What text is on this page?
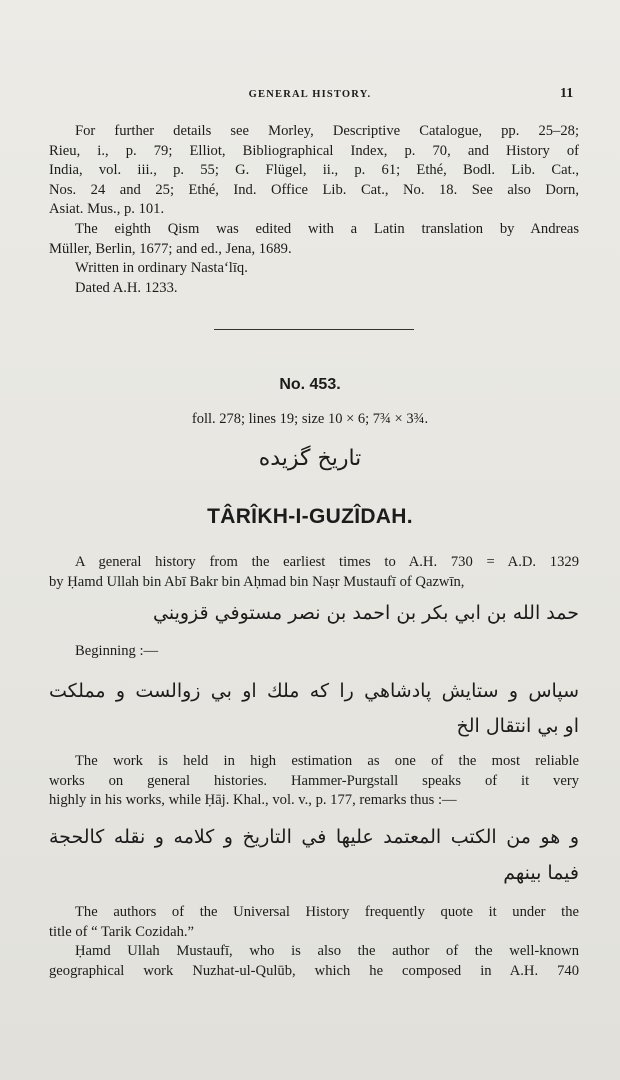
GENERAL HISTORY.	11
For further details see Morley, Descriptive Catalogue, pp. 25–28;
Rieu, i., p. 79; Elliot, Bibliographical Index, p. 70, and History of
India, vol. iii., p. 55; G. Flügel, ii., p. 61; Ethé, Bodl. Lib. Cat.,
Nos. 24 and 25; Ethé, Ind. Office Lib. Cat., No. 18. See also Dorn,
Asiat. Mus., p. 101.
The eighth Qism was edited with a Latin translation by Andreas
Müller, Berlin, 1677; and ed., Jena, 1689.
Written in ordinary Nasta‘līq.
Dated A.H. 1233.
No. 453.
foll. 278; lines 19; size 10 × 6; 7¾ × 3¾.
تاريخ گزيده
TÂRÎKH-I-GUZÎDAH.
A general history from the earliest times to A.H. 730 = A.D. 1329
by Ḥamd Ullah bin Abī Bakr bin Aḥmad bin Naṣr Mustaufī of Qazwīn,
حمد الله بن ابي بكر بن احمد بن نصر مستوفي قزويني
Beginning :—
سپاس و ستايش پادشاهي را كه ملك او بي زوالست و مملكت
او بي انتقال الخ
The work is held in high estimation as one of the most reliable
works on general histories. Hammer-Purgstall speaks of it very
highly in his works, while Ḥāj. Khal., vol. v., p. 177, remarks thus :—
و هو من الكتب المعتمد عليها في التاريخ و كلامه و نقله كالحجة
فيما بينهم
The authors of the Universal History frequently quote it under the
title of “ Tarik Cozidah.”
Ḥamd Ullah Mustaufī, who is also the author of the well-known
geographical work Nuzhat-ul-Qulūb, which he composed in A.H. 740
